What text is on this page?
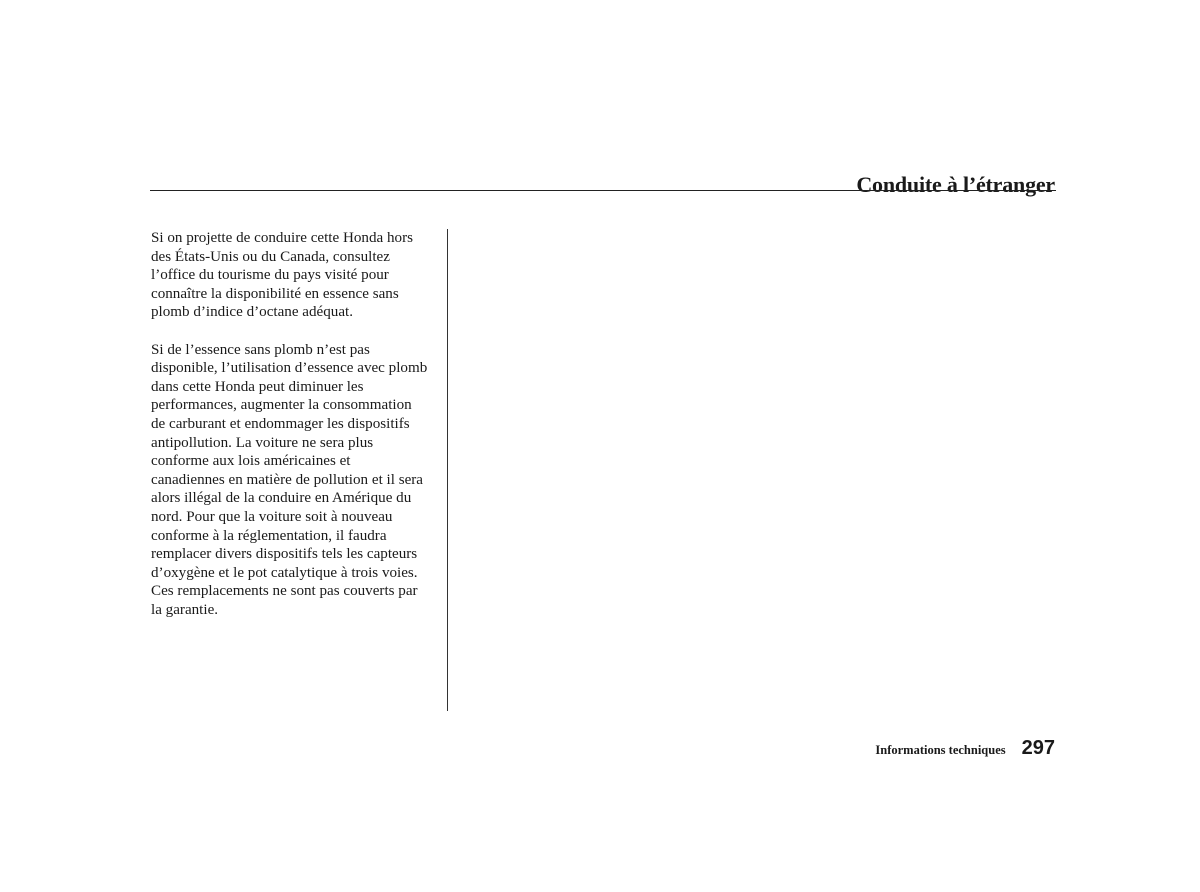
Conduite à l’étranger

Si on projette de conduire cette Honda hors
des États-Unis ou du Canada, consultez
l’office du tourisme du pays visité pour
connaître la disponibilité en essence sans
plomb d’indice d’octane adéquat.

Si de l’essence sans plomb n’est pas
disponible, l’utilisation d’essence avec plomb
dans cette Honda peut diminuer les
performances, augmenter la consommation
de carburant et endommager les dispositifs
antipollution. La voiture ne sera plus
conforme aux lois américaines et
canadiennes en matière de pollution et il sera
alors illégal de la conduire en Amérique du
nord. Pour que la voiture soit à nouveau
conforme à la réglementation, il faudra
remplacer divers dispositifs tels les capteurs
d’oxygène et le pot catalytique à trois voies.
Ces remplacements ne sont pas couverts par
la garantie.

Informations techniques 297
